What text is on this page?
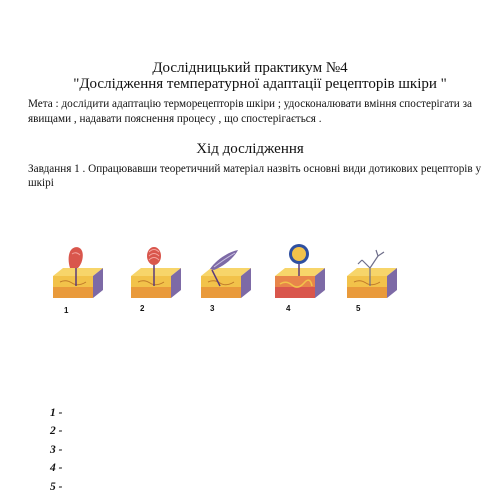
Дослідницький практикум №4
"Дослідження температурної адаптації рецепторів шкіри "
Мета : дослідити адаптацію терморецепторів шкіри ; удосконалювати вміння спостерігати за явищами , надавати пояснення процесу , що спостерігається .
Хід дослідження
Завдання 1 . Опрацювавши теоретичний матеріал назвіть основні види дотикових рецепторів у шкірі
1	2	3	4	5
1 -
2 -
3 -
4 -
5 -
